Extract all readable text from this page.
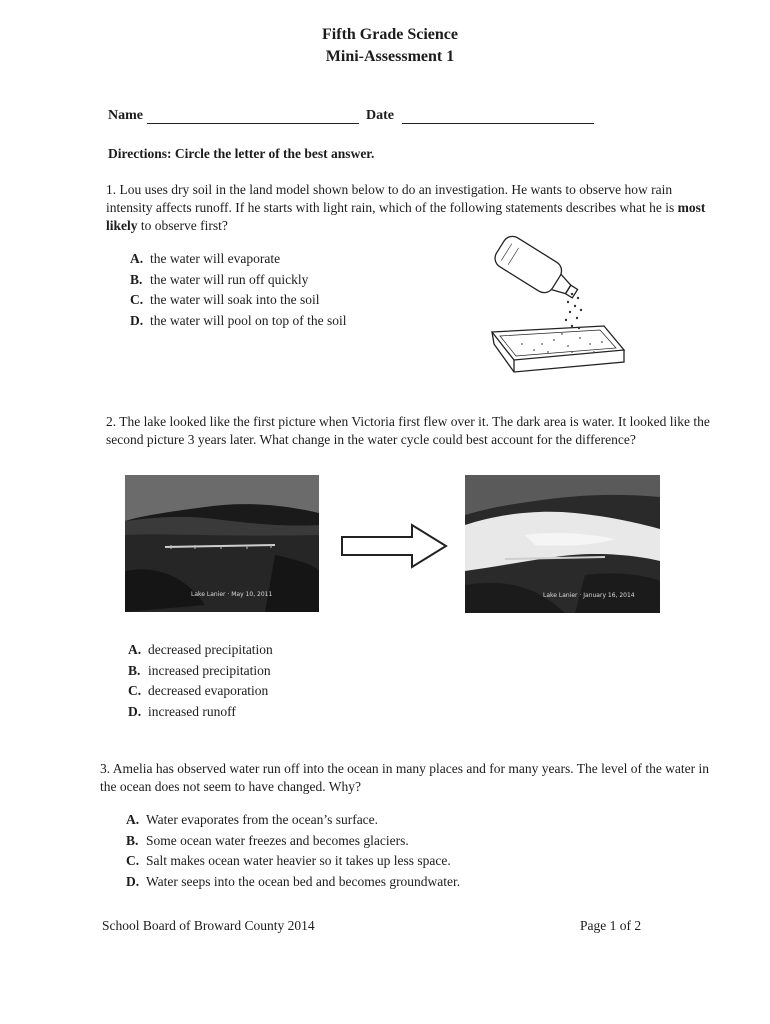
Fifth Grade Science
Mini-Assessment 1
Name	Date
Directions: Circle the letter of the best answer.
1. Lou uses dry soil in the land model shown below to do an investigation. He wants to observe how rain intensity affects runoff. If he starts with light rain, which of the following statements describes what he is most likely to observe first?
A. the water will evaporate
B. the water will run off quickly
C. the water will soak into the soil
D. the water will pool on top of the soil
2. The lake looked like the first picture when Victoria first flew over it. The dark area is water. It looked like the second picture 3 years later. What change in the water cycle could best account for the difference?
Lake Lanier · May 10, 2011	Lake Lanier · January 16, 2014
A. decreased precipitation
B. increased precipitation
C. decreased evaporation
D. increased runoff
3. Amelia has observed water run off into the ocean in many places and for many years. The level of the water in the ocean does not seem to have changed. Why?
A. Water evaporates from the ocean’s surface.
B. Some ocean water freezes and becomes glaciers.
C. Salt makes ocean water heavier so it takes up less space.
D. Water seeps into the ocean bed and becomes groundwater.
School Board of Broward County 2014	Page 1 of 2
